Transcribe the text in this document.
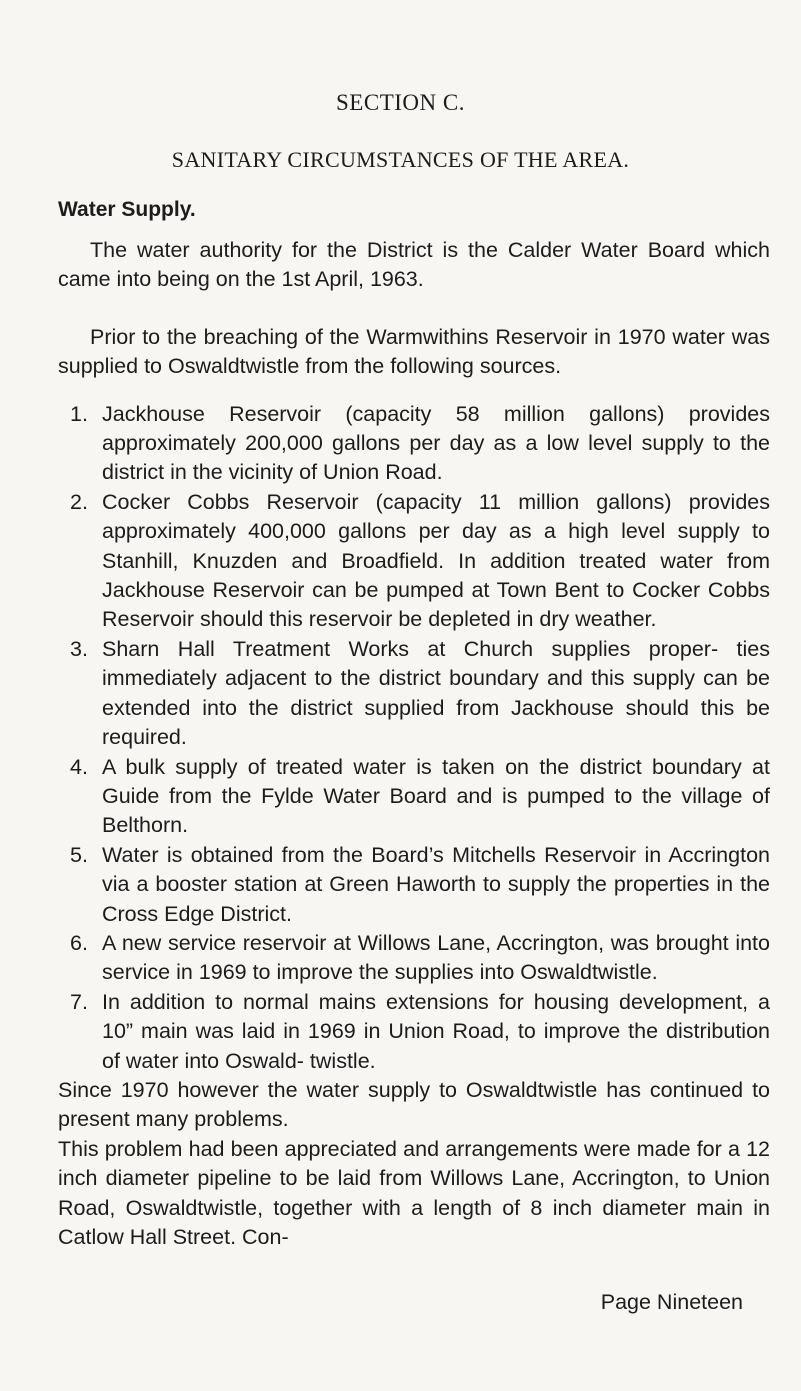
SECTION C.
SANITARY CIRCUMSTANCES OF THE AREA.
Water Supply.

The water authority for the District is the Calder Water Board which came into being on the 1st April, 1963.

Prior to the breaching of the Warmwithins Reservoir in 1970 water was supplied to Oswaldtwistle from the following sources.

1. Jackhouse Reservoir (capacity 58 million gallons) provides approximately 200,000 gallons per day as a low level supply to the district in the vicinity of Union Road.
2. Cocker Cobbs Reservoir (capacity 11 million gallons) provides approximately 400,000 gallons per day as a high level supply to Stanhill, Knuzden and Broadfield. In addition treated water from Jackhouse Reservoir can be pumped at Town Bent to Cocker Cobbs Reservoir should this reservoir be depleted in dry weather.
3. Sharn Hall Treatment Works at Church supplies proper- ties immediately adjacent to the district boundary and this supply can be extended into the district supplied from Jackhouse should this be required.
4. A bulk supply of treated water is taken on the district boundary at Guide from the Fylde Water Board and is pumped to the village of Belthorn.
5. Water is obtained from the Board’s Mitchells Reservoir in Accrington via a booster station at Green Haworth to supply the properties in the Cross Edge District.
6. A new service reservoir at Willows Lane, Accrington, was brought into service in 1969 to improve the supplies into Oswaldtwistle.
7. In addition to normal mains extensions for housing development, a 10” main was laid in 1969 in Union Road, to improve the distribution of water into Oswald- twistle.

Since 1970 however the water supply to Oswaldtwistle has continued to present many problems.

This problem had been appreciated and arrangements were made for a 12 inch diameter pipeline to be laid from Willows Lane, Accrington, to Union Road, Oswaldtwistle, together with a length of 8 inch diameter main in Catlow Hall Street. Con-

Page Nineteen
